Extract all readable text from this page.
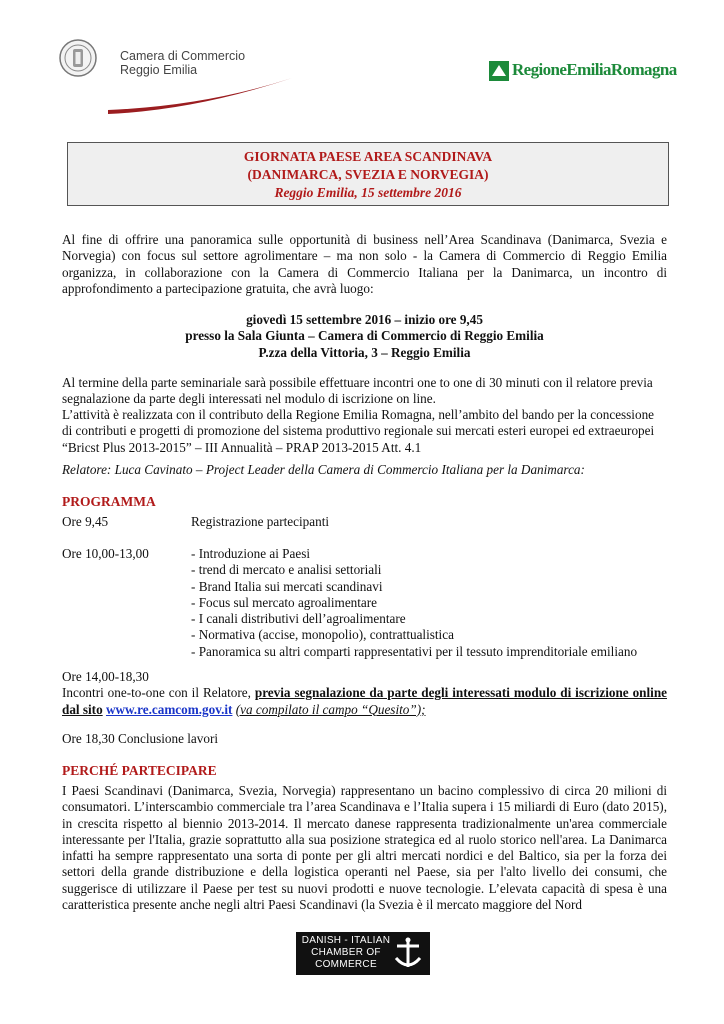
Camera di Commercio
Reggio Emilia	RegioneEmiliaRomagna
GIORNATA PAESE AREA SCANDINAVA
(DANIMARCA, SVEZIA E NORVEGIA)
Reggio Emilia, 15 settembre 2016
Al fine di offrire una panoramica sulle opportunità di business nell’Area Scandinava (Danimarca, Svezia e Norvegia) con focus sul settore agrolimentare – ma non solo - la Camera di Commercio di Reggio Emilia organizza, in collaborazione con la Camera di Commercio Italiana per la Danimarca, un incontro di approfondimento a partecipazione gratuita, che avrà luogo:
giovedì 15 settembre 2016 – inizio ore 9,45
presso la Sala Giunta – Camera di Commercio di Reggio Emilia
P.zza della Vittoria, 3 – Reggio Emilia
Al termine della parte seminariale sarà possibile effettuare incontri one to one di 30 minuti con il relatore previa segnalazione da parte degli interessati nel modulo di iscrizione on line.
L’attività è realizzata con il contributo della Regione Emilia Romagna, nell’ambito del bando per la concessione di contributi e progetti di promozione del sistema produttivo regionale sui mercati esteri europei ed extraeuropei “Bricst Plus 2013-2015” – III Annualità – PRAP 2013-2015 Att. 4.1
Relatore: Luca Cavinato – Project Leader della Camera di Commercio Italiana per la Danimarca:
PROGRAMMA
Ore 9,45	Registrazione partecipanti
Ore 10,00-13,00	- Introduzione ai Paesi
- trend di mercato e analisi settoriali
- Brand Italia sui mercati scandinavi
- Focus sul mercato agroalimentare
- I canali distributivi dell’agroalimentare
- Normativa (accise, monopolio), contrattualistica
- Panoramica su altri comparti rappresentativi per il tessuto imprenditoriale emiliano
Ore 14,00-18,30
Incontri one-to-one con il Relatore, previa segnalazione da parte degli interessati modulo di iscrizione online dal sito www.re.camcom.gov.it (va compilato il campo “Quesito”);
Ore 18,30 Conclusione lavori
PERCHÉ PARTECIPARE
I Paesi Scandinavi (Danimarca, Svezia, Norvegia) rappresentano un bacino complessivo di circa 20 milioni di consumatori. L’interscambio commerciale tra l’area Scandinava e l’Italia supera i 15 miliardi di Euro (dato 2015), in crescita rispetto al biennio 2013-2014. Il mercato danese rappresenta tradizionalmente un'area commerciale interessante per l'Italia, grazie soprattutto alla sua posizione strategica ed al ruolo storico nell'area. La Danimarca infatti ha sempre rappresentato una sorta di ponte per gli altri mercati nordici e del Baltico, sia per la forza dei settori della grande distribuzione e della logistica operanti nel Paese, sia per l'alto livello dei consumi, che suggerisce di utilizzare il Paese per test su nuovi prodotti e nuove tecnologie. L’elevata capacità di spesa è una caratteristica presente anche negli altri Paesi Scandinavi (la Svezia è il mercato maggiore del Nord
DANISH - ITALIAN
CHAMBER OF
COMMERCE
